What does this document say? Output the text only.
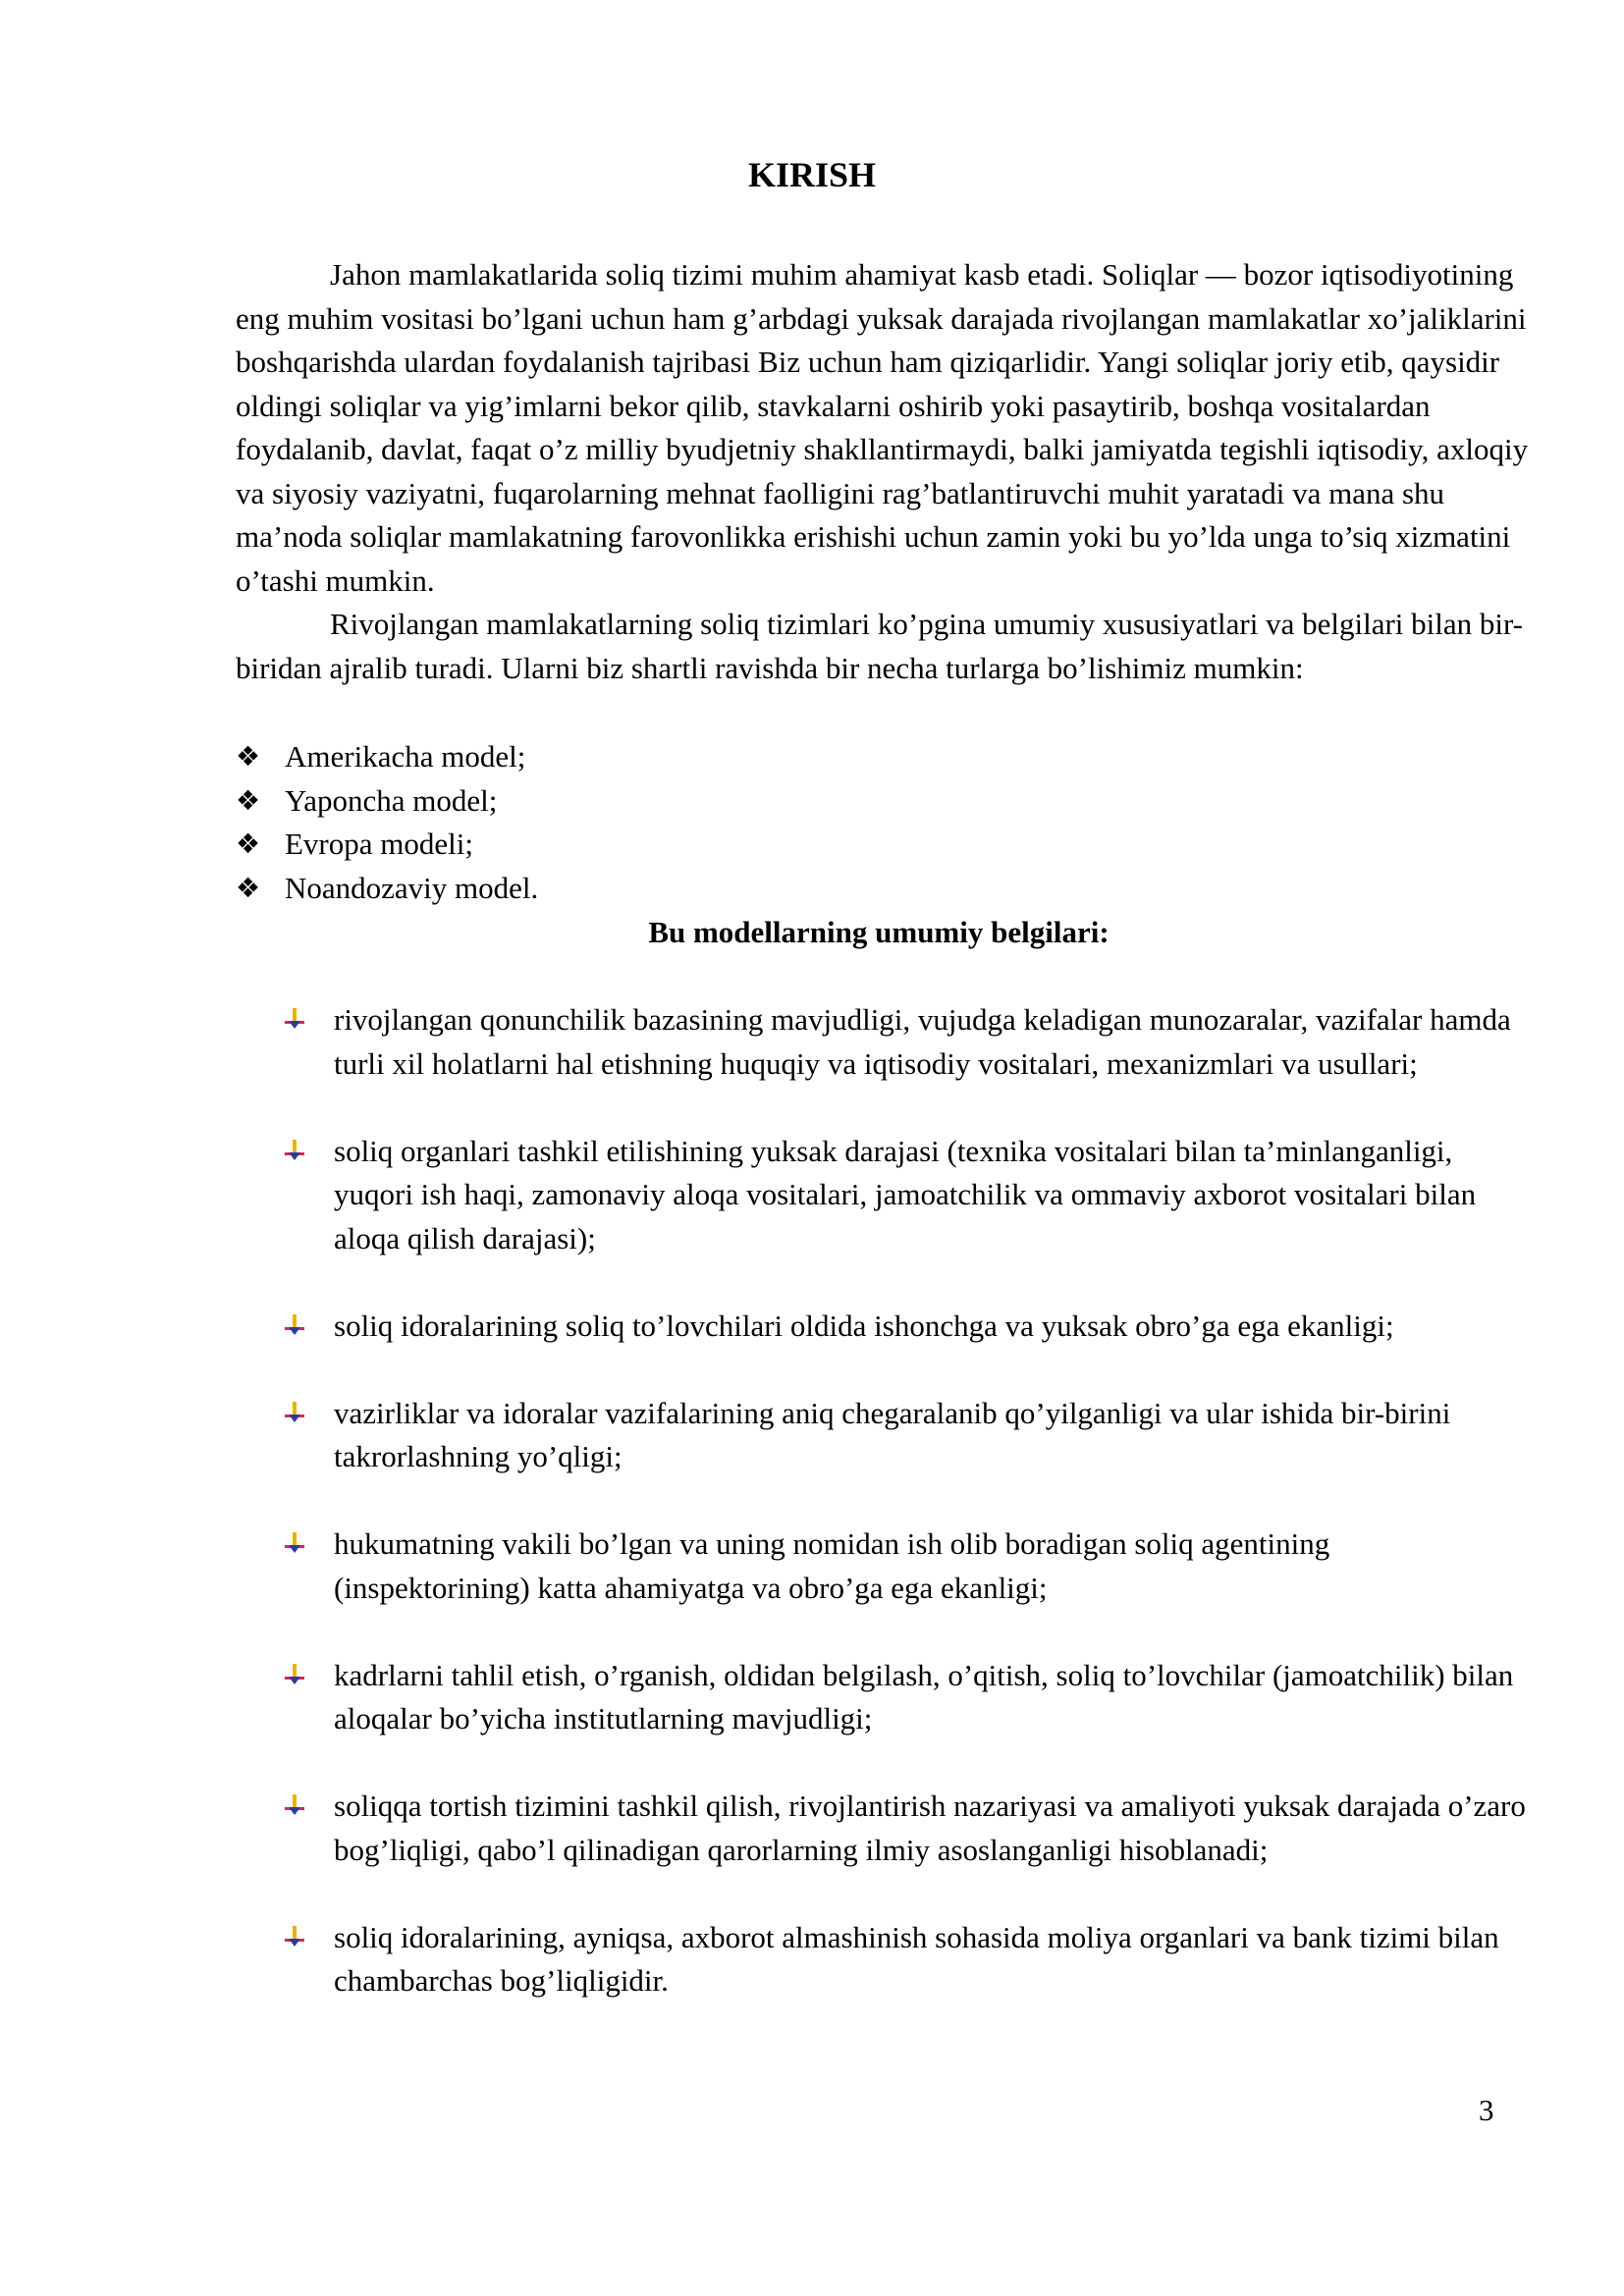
KIRISH

Jahon mamlakatlarida soliq tizimi muhim ahamiyat kasb etadi. Soliqlar — bozor iqtisodiyotining eng muhim vositasi bo’lgani uchun ham g’arbdagi yuksak darajada rivojlangan mamlakatlar xo’jaliklarini boshqarishda ulardan foydalanish tajribasi Biz uchun ham qiziqarlidir. Yangi soliqlar joriy etib, qaysidir oldingi soliqlar va yig’imlarni bekor qilib, stavkalarni oshirib yoki pasaytirib, boshqa vositalardan foydalanib, davlat, faqat o’z milliy byudjetniy shakllantirmaydi, balki jamiyatda tegishli iqtisodiy, axloqiy va siyosiy vaziyatni, fuqarolarning mehnat faolligini rag’batlantiruvchi muhit yaratadi va mana shu ma’noda soliqlar mamlakatning farovonlikka erishishi uchun zamin yoki bu yo’lda unga to’siq xizmatini o’tashi mumkin.

Rivojlangan mamlakatlarning soliq tizimlari ko’pgina umumiy xususiyatlari va belgilari bilan bir-biridan ajralib turadi. Ularni biz shartli ravishda bir necha turlarga bo’lishimiz mumkin:

❖ Amerikacha model;
❖ Yaponcha model;
❖ Evropa modeli;
❖ Noandozaviy model.
Bu modellarning umumiy belgilari:
rivojlangan qonunchilik bazasining mavjudligi, vujudga keladigan munozaralar, vazifalar hamda turli xil holatlarni hal etishning huquqiy va iqtisodiy vositalari, mexanizmlari va usullari;
soliq organlari tashkil etilishining yuksak darajasi (texnika vositalari bilan ta’minlanganligi, yuqori ish haqi, zamonaviy aloqa vositalari, jamoatchilik va ommaviy axborot vositalari bilan aloqa qilish darajasi);
soliq idoralarining soliq to’lovchilari oldida ishonchga va yuksak obro’ga ega ekanligi;
vazirliklar va idoralar vazifalarining aniq chegaralanib qo’yilganligi va ular ishida bir-birini takrorlashning yo’qligi;
hukumatning vakili bo’lgan va uning nomidan ish olib boradigan soliq agentining (inspektorining) katta ahamiyatga va obro’ga ega ekanligi;
kadrlarni tahlil etish, o’rganish, oldidan belgilash, o’qitish, soliq to’lovchilar (jamoatchilik) bilan aloqalar bo’yicha institutlarning mavjudligi;
soliqqa tortish tizimini tashkil qilish, rivojlantirish nazariyasi va amaliyoti yuksak darajada o’zaro bog’liqligi, qabo’l qilinadigan qarorlarning ilmiy asoslanganligi hisoblanadi;
soliq idoralarining, ayniqsa, axborot almashinish sohasida moliya organlari va bank tizimi bilan chambarchas bog’liqligidir.
3
